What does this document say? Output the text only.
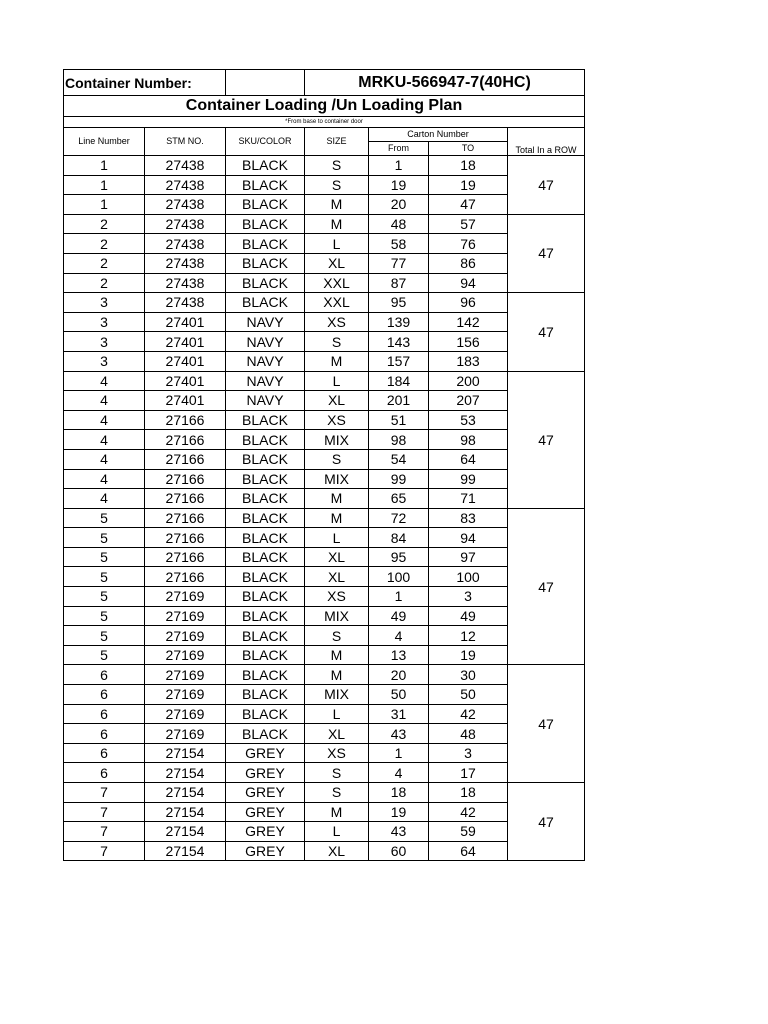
Container Number:			MRKU-566947-7(40HC)			
Container Loading /Un Loading Plan						
*From base to container door						
Line Number	STM NO.	SKU/COLOR	SIZE	Carton Number		Total In a ROW
				From	TO	
1	27438	BLACK	S	1	18	47
1	27438	BLACK	S	19	19	
1	27438	BLACK	M	20	47	
2	27438	BLACK	M	48	57	47
2	27438	BLACK	L	58	76	
2	27438	BLACK	XL	77	86	
2	27438	BLACK	XXL	87	94	
3	27438	BLACK	XXL	95	96	47
3	27401	NAVY	XS	139	142	
3	27401	NAVY	S	143	156	
3	27401	NAVY	M	157	183	
4	27401	NAVY	L	184	200	47
4	27401	NAVY	XL	201	207	
4	27166	BLACK	XS	51	53	
4	27166	BLACK	MIX	98	98	
4	27166	BLACK	S	54	64	
4	27166	BLACK	MIX	99	99	
4	27166	BLACK	M	65	71	
5	27166	BLACK	M	72	83	47
5	27166	BLACK	L	84	94	
5	27166	BLACK	XL	95	97	
5	27166	BLACK	XL	100	100	
5	27169	BLACK	XS	1	3	
5	27169	BLACK	MIX	49	49	
5	27169	BLACK	S	4	12	
5	27169	BLACK	M	13	19	
6	27169	BLACK	M	20	30	47
6	27169	BLACK	MIX	50	50	
6	27169	BLACK	L	31	42	
6	27169	BLACK	XL	43	48	
6	27154	GREY	XS	1	3	
6	27154	GREY	S	4	17	
7	27154	GREY	S	18	18	47
7	27154	GREY	M	19	42	
7	27154	GREY	L	43	59	
7	27154	GREY	XL	60	64	
